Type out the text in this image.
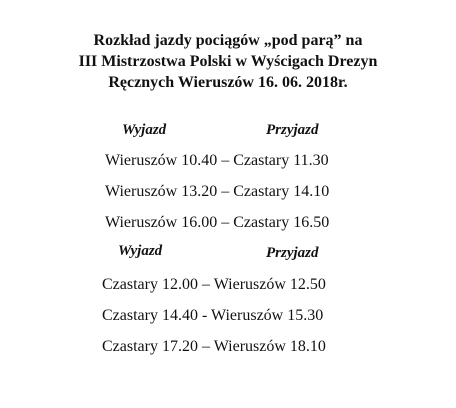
Rozkład jazdy pociągów „pod parą” na
III Mistrzostwa Polski w Wyścigach Drezyn
Ręcznych Wieruszów 16. 06. 2018r.
Wyjazd	Przyjazd
Wieruszów 10.40 – Czastary 11.30
Wieruszów 13.20 – Czastary 14.10
Wieruszów 16.00 – Czastary 16.50
Wyjazd	Przyjazd
Czastary 12.00 – Wieruszów 12.50
Czastary 14.40 - Wieruszów 15.30
Czastary 17.20 – Wieruszów 18.10
